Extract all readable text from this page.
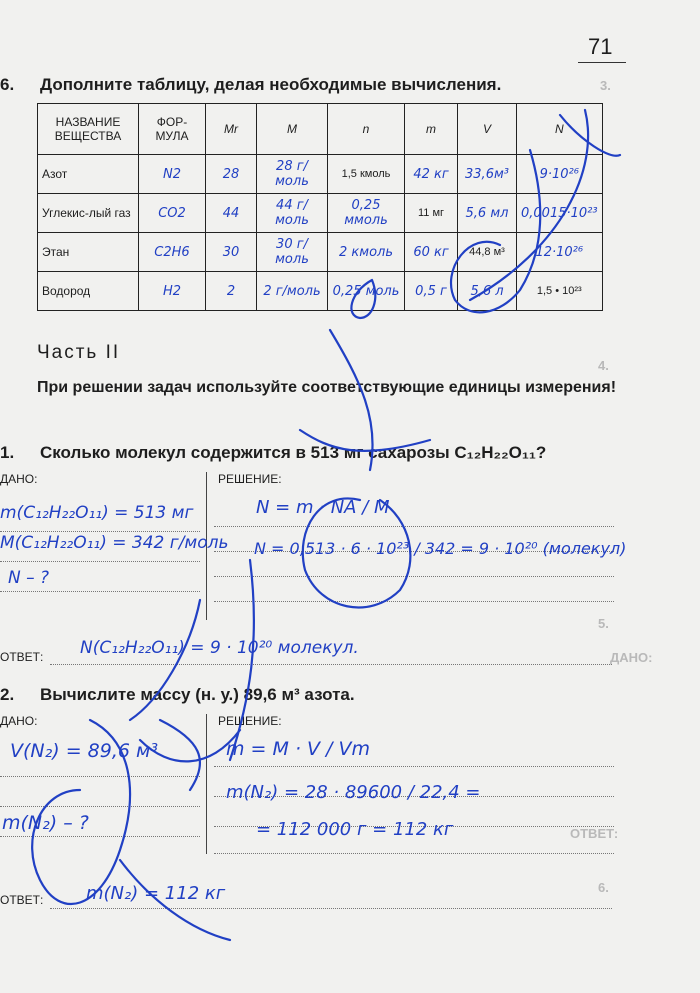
3.
4.
5.
6.
ДАНО:
ОТВЕТ:
71
6. Дополните таблицу, делая необходимые вычисления.
НАЗВАНИЕ ВЕЩЕСТВА	ФОР-МУЛА	Mr	M	n	m	V	N
Азот	N2	28	28 г/моль	1,5 кмоль	42 кг	33,6м³	9·10²⁶
Углекис-лый газ	CO2	44	44 г/моль	0,25 ммоль	11 мг	5,6 мл	0,0015·10²³
Этан	C2H6	30	30 г/моль	2 кмоль	60 кг	44,8 м³	12·10²⁶
Водород	H2	2	2 г/моль	0,25 моль	0,5 г	5,6 л	1,5 • 10²³
Часть II
При решении задач используйте соответствующие единицы измерения!
1. Сколько молекул содержится в 513 мг сахарозы C₁₂H₂₂O₁₁?
ДАНО:	РЕШЕНИЕ:
ОТВЕТ:
m(C₁₂H₂₂O₁₁) = 513 мг
M(C₁₂H₂₂O₁₁) = 342 г/моль
N – ?
N = m · NA / M
N = 0,513 · 6 · 10²³ / 342 = 9 · 10²⁰ (молекул)
N(C₁₂H₂₂O₁₁) = 9 · 10²⁰ молекул.
2. Вычислите массу (н. у.) 89,6 м³ азота.
ДАНО:	РЕШЕНИЕ:
ОТВЕТ:
V(N₂) = 89,6 м³
m(N₂) – ?
m = M · V / Vm
m(N₂) = 28 · 89600 / 22,4 =
= 112 000 г = 112 кг
m(N₂) = 112 кг
